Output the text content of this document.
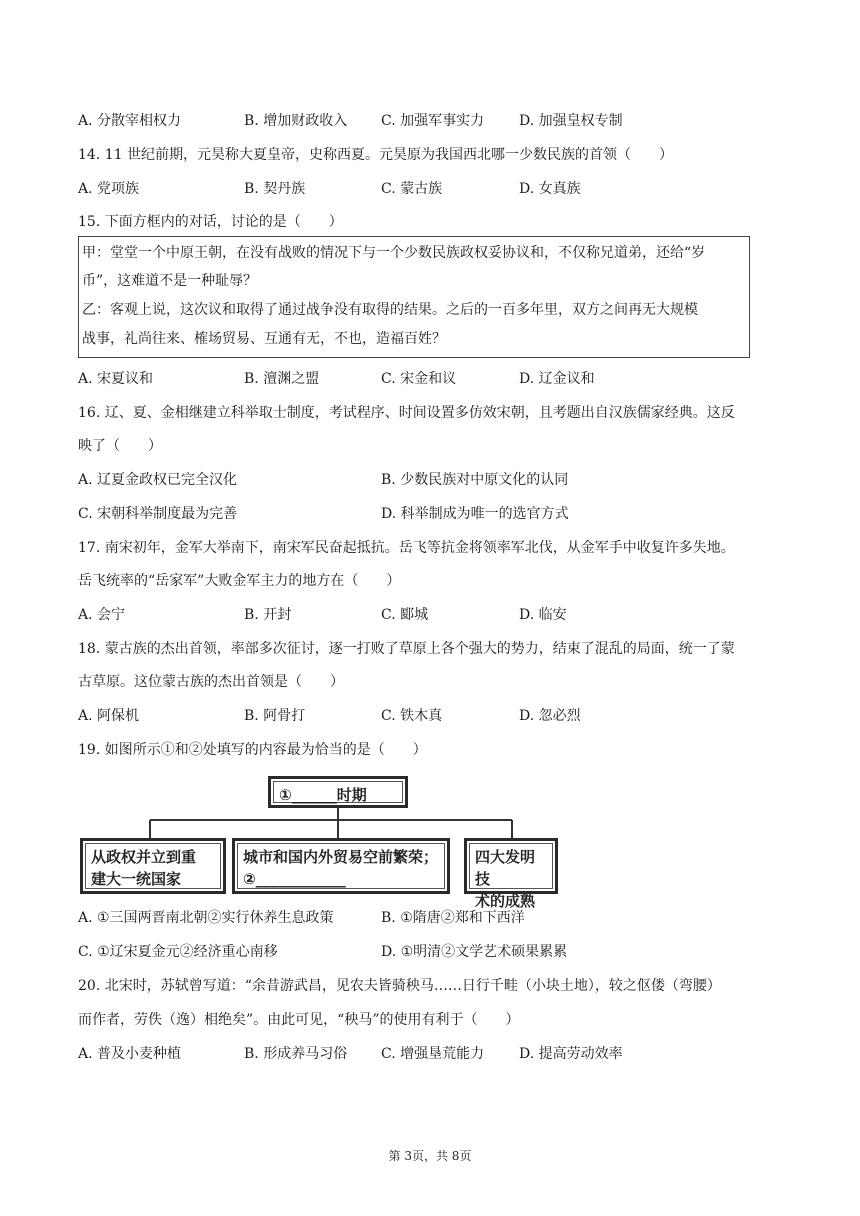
A. 分散宰相权力	B. 增加财政收入 C. 加强军事实力 D. 加强皇权专制
14. 11 世纪前期，元昊称大夏皇帝，史称西夏。元昊原为我国西北哪一少数民族的首领（　　）
A. 党项族	B. 契丹族	C. 蒙古族	D. 女真族
15. 下面方框内的对话，讨论的是（　　）
甲：堂堂一个中原王朝，在没有战败的情况下与一个少数民族政权妥协议和，不仅称兄道弟，还给“岁
币”，这难道不是一种耻辱？
乙：客观上说，这次议和取得了通过战争没有取得的结果。之后的一百多年里，双方之间再无大规模
战事，礼尚往来、榷场贸易、互通有无，不也，造福百姓？
A. 宋夏议和	B. 澶渊之盟	C. 宋金和议	D. 辽金议和
16. 辽、夏、金相继建立科举取士制度，考试程序、时间设置多仿效宋朝，且考题出自汉族儒家经典。这反
映了（　　）
A. 辽夏金政权已完全汉化	B. 少数民族对中原文化的认同
C. 宋朝科举制度最为完善	D. 科举制成为唯一的选官方式
17. 南宋初年，金军大举南下，南宋军民奋起抵抗。岳飞等抗金将领率军北伐，从金军手中收复许多失地。
岳飞统率的“岳家军”大败金军主力的地方在（　　）
A. 会宁	B. 开封	C. 郾城	D. 临安
18. 蒙古族的杰出首领，率部多次征讨，逐一打败了草原上各个强大的势力，结束了混乱的局面，统一了蒙
古草原。这位蒙古族的杰出首领是（　　）
A. 阿保机	B. 阿骨打	C. 铁木真	D. 忽必烈
19. 如图所示①和②处填写的内容最为恰当的是（　　）
①______时期
从政权并立到重
建大一统国家
城市和国内外贸易空前繁荣；
②____________
四大发明技
术的成熟
A. ①三国两晋南北朝②实行休养生息政策	B. ①隋唐②郑和下西洋
C. ①辽宋夏金元②经济重心南移	D. ①明清②文学艺术硕果累累
20. 北宋时，苏轼曾写道：“余昔游武昌，见农夫皆骑秧马……日行千畦（小块土地），较之伛偻（弯腰）
而作者，劳佚（逸）相绝矣”。由此可见，“秧马”的使用有利于（　　）
A. 普及小麦种植	B. 形成养马习俗 C. 增强垦荒能力 D. 提高劳动效率
第 3页，共 8页
